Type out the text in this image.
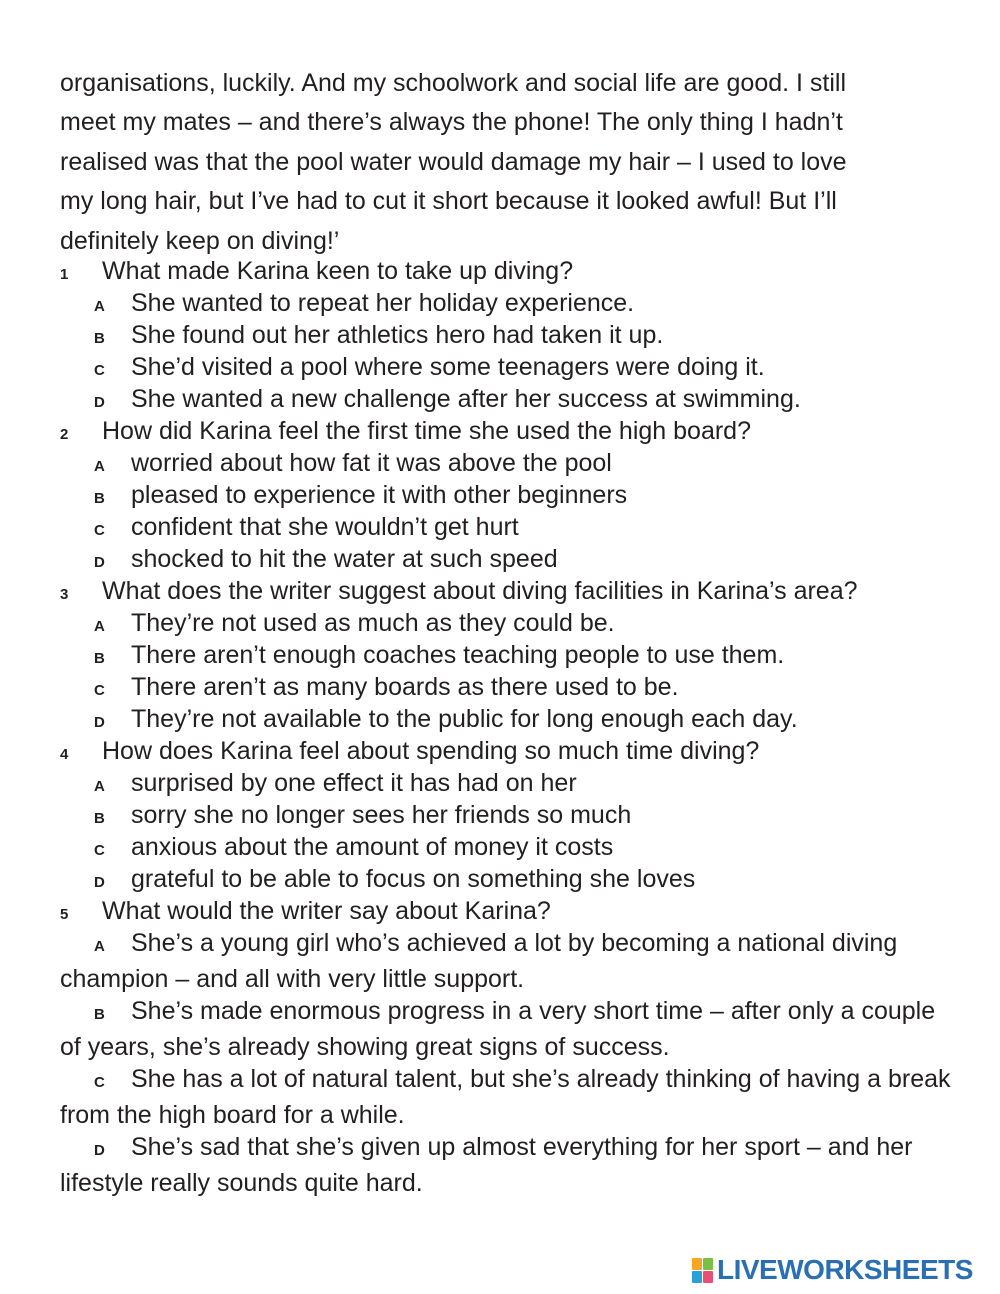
organisations, luckily. And my schoolwork and social life are good. I still
meet my mates – and there’s always the phone! The only thing I hadn’t
realised was that the pool water would damage my hair – I used to love
my long hair, but I’ve had to cut it short because it looked awful! But I’ll
definitely keep on diving!’
1 What made Karina keen to take up diving?
A She wanted to repeat her holiday experience.
B She found out her athletics hero had taken it up.
C She’d visited a pool where some teenagers were doing it.
D She wanted a new challenge after her success at swimming.
2 How did Karina feel the first time she used the high board?
A worried about how fat it was above the pool
B pleased to experience it with other beginners
C confident that she wouldn’t get hurt
D shocked to hit the water at such speed
3 What does the writer suggest about diving facilities in Karina’s area?
A They’re not used as much as they could be.
B There aren’t enough coaches teaching people to use them.
C There aren’t as many boards as there used to be.
D They’re not available to the public for long enough each day.
4 How does Karina feel about spending so much time diving?
A surprised by one effect it has had on her
B sorry she no longer sees her friends so much
C anxious about the amount of money it costs
D grateful to be able to focus on something she loves
5 What would the writer say about Karina?
A She’s a young girl who’s achieved a lot by becoming a national diving champion – and all with very little support.
B She’s made enormous progress in a very short time – after only a couple of years, she’s already showing great signs of success.
C She has a lot of natural talent, but she’s already thinking of having a break from the high board for a while.
D She’s sad that she’s given up almost everything for her sport – and her lifestyle really sounds quite hard.
LIVEWORKSHEETS
